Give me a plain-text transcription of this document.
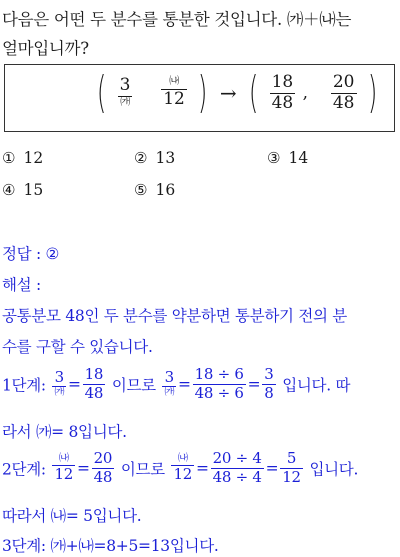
다음은 어떤 두 분수를 통분한 것입니다. ㈎＋㈏는
얼마입니까?
( $\frac{3}{㈎}$
	$\frac{㈏}{12}$ ) → ( $\frac{18}{48}$ , $\frac{20}{48}$ )
① 12	② 13	③ 14
④ 15	⑤ 16
정답 : ②
해설 :
공통분모 48인 두 분수를 약분하면 통분하기 전의 분
수를 구할 수 있습니다.
1단계: $\frac{3}{㈎} = \frac{18}{48}$ 이므로 $\frac{3}{㈎} = \frac{18 \div 6}{48 \div 6} = \frac{3}{8}$ 입니다. 따
라서 ㈎= 8입니다.
2단계: $\frac{㈏}{12} = \frac{20}{48}$ 이므로 $\frac{㈏}{12} = \frac{20 \div 4}{48 \div 4} = \frac{5}{12}$ 입니다.
따라서 ㈏= 5입니다.
3단계: ㈎+㈏=8+5=13입니다.
